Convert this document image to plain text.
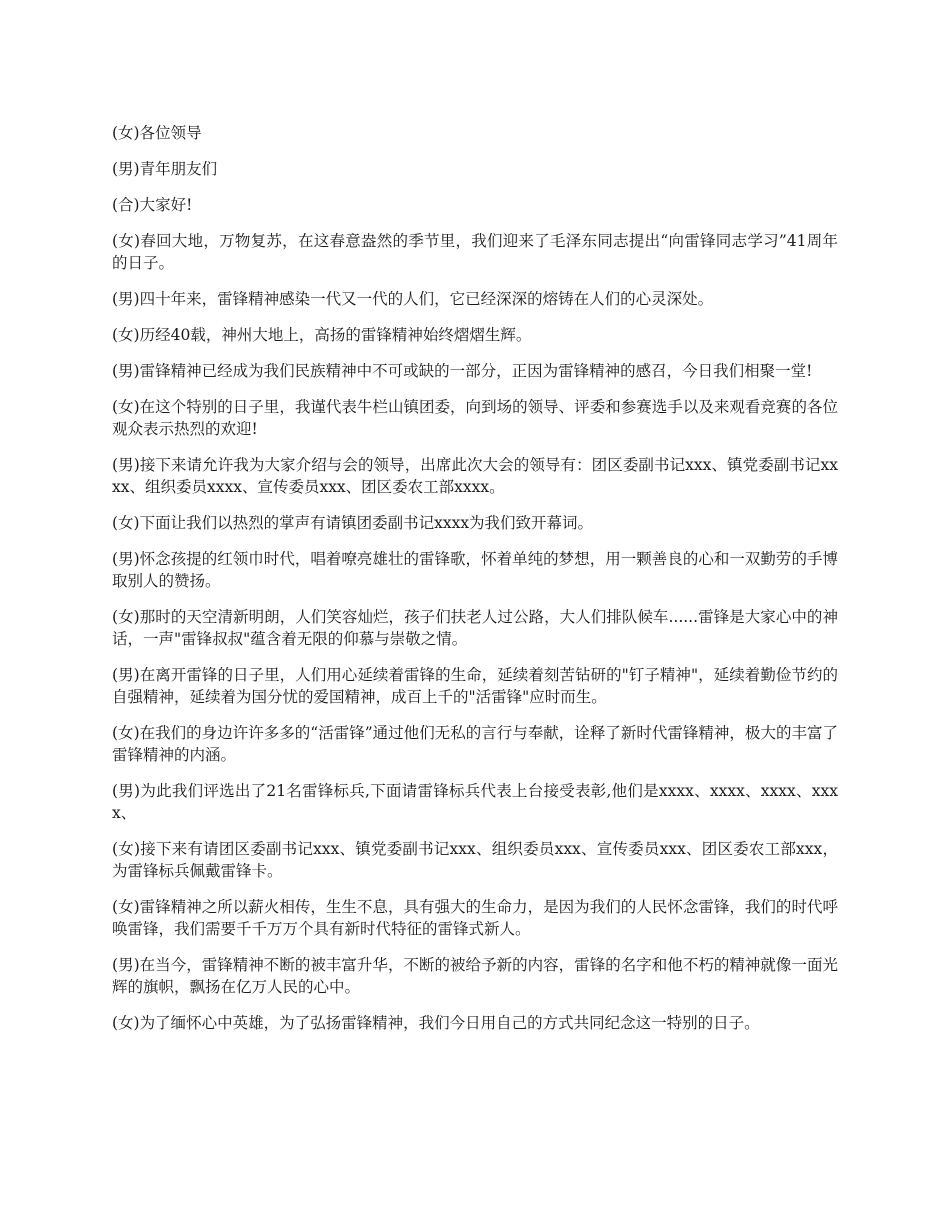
(女)各位领导

(男)青年朋友们

(合)大家好!

(女)春回大地，万物复苏，在这春意盎然的季节里，我们迎来了毛泽东同志提出“向雷锋同志学习”41周年的日子。

(男)四十年来，雷锋精神感染一代又一代的人们，它已经深深的熔铸在人们的心灵深处。

(女)历经40载，神州大地上，高扬的雷锋精神始终熠熠生辉。

(男)雷锋精神已经成为我们民族精神中不可或缺的一部分，正因为雷锋精神的感召，今日我们相聚一堂!

(女)在这个特别的日子里，我谨代表牛栏山镇团委，向到场的领导、评委和参赛选手以及来观看竞赛的各位观众表示热烈的欢迎!

(男)接下来请允许我为大家介绍与会的领导，出席此次大会的领导有：团区委副书记xxx、镇党委副书记xxxx、组织委员xxxx、宣传委员xxx、团区委农工部xxxx。

(女)下面让我们以热烈的掌声有请镇团委副书记xxxx为我们致开幕词。

(男)怀念孩提的红领巾时代，唱着嘹亮雄壮的雷锋歌，怀着单纯的梦想，用一颗善良的心和一双勤劳的手博取别人的赞扬。

(女)那时的天空清新明朗，人们笑容灿烂，孩子们扶老人过公路，大人们排队候车......雷锋是大家心中的神话，一声"雷锋叔叔"蕴含着无限的仰慕与崇敬之情。

(男)在离开雷锋的日子里，人们用心延续着雷锋的生命，延续着刻苦钻研的"钉子精神"，延续着勤俭节约的自强精神，延续着为国分忧的爱国精神，成百上千的"活雷锋"应时而生。

(女)在我们的身边许许多多的“活雷锋”通过他们无私的言行与奉献，诠释了新时代雷锋精神，极大的丰富了雷锋精神的内涵。

(男)为此我们评选出了21名雷锋标兵,下面请雷锋标兵代表上台接受表彰,他们是xxxx、xxxx、xxxx、xxxx、

(女)接下来有请团区委副书记xxx、镇党委副书记xxx、组织委员xxx、宣传委员xxx、团区委农工部xxx，为雷锋标兵佩戴雷锋卡。

(女)雷锋精神之所以薪火相传，生生不息，具有强大的生命力，是因为我们的人民怀念雷锋，我们的时代呼唤雷锋，我们需要千千万万个具有新时代特征的雷锋式新人。

(男)在当今，雷锋精神不断的被丰富升华，不断的被给予新的内容，雷锋的名字和他不朽的精神就像一面光辉的旗帜，飘扬在亿万人民的心中。

(女)为了缅怀心中英雄，为了弘扬雷锋精神，我们今日用自己的方式共同纪念这一特别的日子。
